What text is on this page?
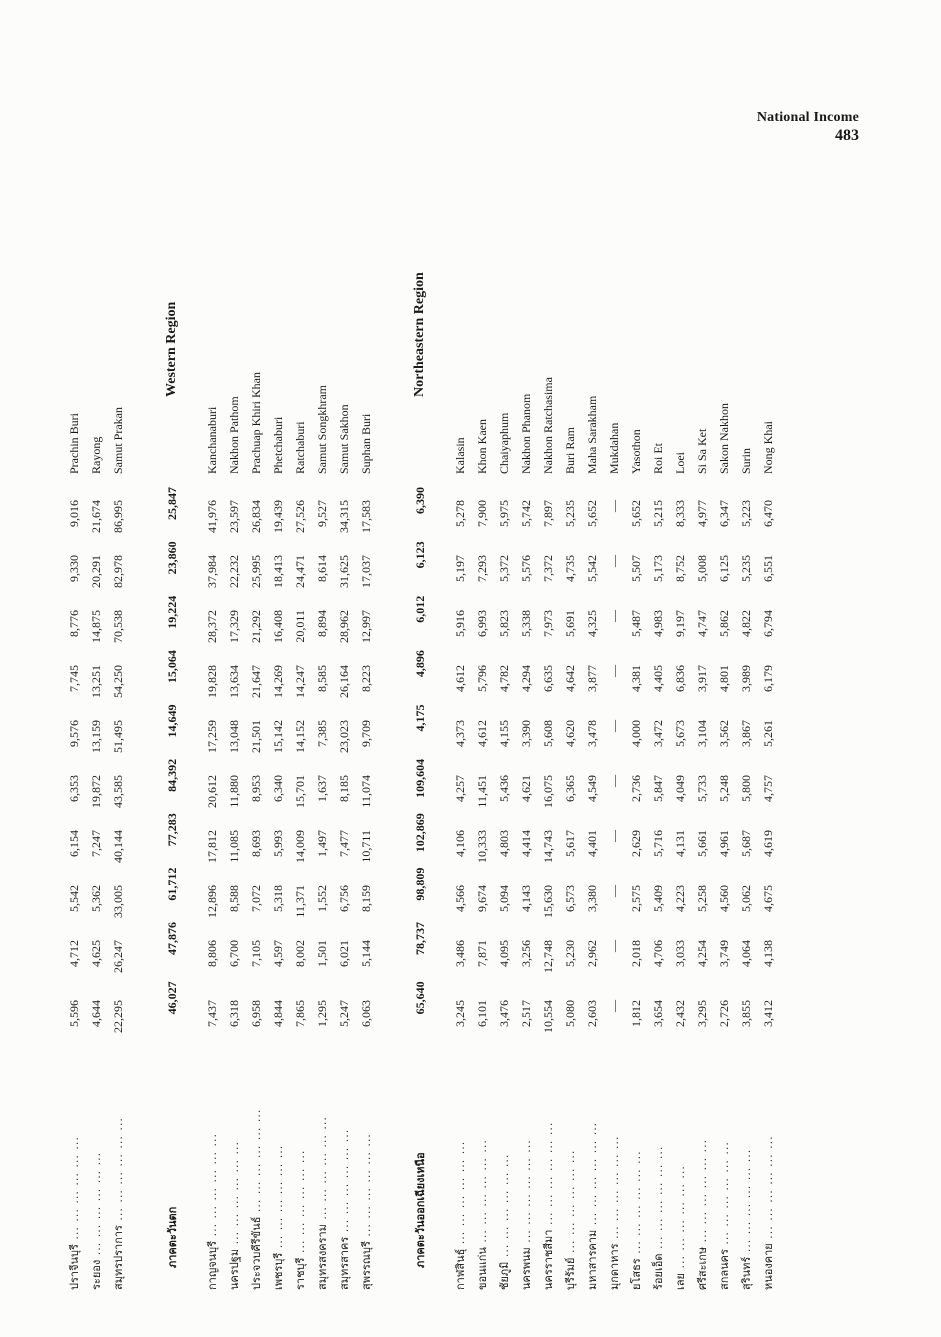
National Income
483
ปราจีนบุรี ... ... ... ... ... ...
5,596
4,712
5,542
6,154
6,353
9,576
7,745
8,776
9,330
9,016
Prachin Buri
ระยอง ... ... ... ... ... ...
4,644
4,625
5,362
7,247
19,872
13,159
13,251
14,875
20,291
21,674
Rayong
สมุทรปราการ ... ... ... ... ... ...
22,295
26,247
33,005
40,144
43,585
51,495
54,250
70,538
82,978
86,995
Samut Prakan
ภาคตะวันตก
46,027
47,876
61,712
77,283
84,392
14,649
15,064
19,224
23,860
25,847
Western Region
กาญจนบุรี ... ... ... ... ... ...
7,437
8,806
12,896
17,812
20,612
17,259
19,828
28,372
37,984
41,976
Kanchanaburi
นครปฐม ... ... ... ... ... ...
6,318
6,700
8,588
11,085
11,880
13,048
13,634
17,329
22,232
23,597
Nakhon Pathom
ประจวบคีรีขันธ์ ... ... ... ... ... ...
6,958
7,105
7,072
8,693
8,953
21,501
21,647
21,292
25,995
26,834
Prachuap Khiri Khan
เพชรบุรี ... ... ... ... ... ...
4,844
4,597
5,318
5,993
6,340
15,142
14,269
16,408
18,413
19,439
Phetchaburi
ราชบุรี ... ... ... ... ... ...
7,865
8,002
11,371
14,009
15,701
14,152
14,247
20,011
24,471
27,526
Ratchaburi
สมุทรสงคราม ... ... ... ... ... ...
1,295
1,501
1,552
1,497
1,637
7,385
8,585
8,894
8,614
9,527
Samut Songkhram
สมุทรสาคร ... ... ... ... ... ...
5,247
6,021
6,756
7,477
8,185
23,023
26,164
28,962
31,625
34,315
Samut Sakhon
สุพรรณบุรี ... ... ... ... ... ...
6,063
5,144
8,159
10,711
11,074
9,709
8,223
12,997
17,037
17,583
Suphan Buri
ภาคตะวันออกเฉียงเหนือ
65,640
78,737
98,809
102,869
109,604
4,175
4,896
6,012
6,123
6,390
Northeastern Region
กาฬสินธุ์ ... ... ... ... ... ...
3,245
3,486
4,566
4,106
4,257
4,373
4,612
5,916
5,197
5,278
Kalasin
ขอนแก่น ... ... ... ... ... ...
6,101
7,871
9,674
10,333
11,451
4,612
5,796
6,993
7,293
7,900
Khon Kaen
ชัยภูมิ ... ... ... ... ... ...
3,476
4,095
5,094
4,803
5,436
4,155
4,782
5,823
5,372
5,975
Chaiyaphum
นครพนม ... ... ... ... ... ...
2,517
3,256
4,143
4,414
4,621
3,390
4,294
5,338
5,576
5,742
Nakhon Phanom
นครราชสีมา ... ... ... ... ... ...
10,554
12,748
15,630
14,743
16,075
5,608
6,635
7,973
7,372
7,897
Nakhon Ratchasima
บุรีรัมย์ ... ... ... ... ... ...
5,080
5,230
6,573
5,617
6,365
4,620
4,642
5,691
4,735
5,235
Buri Ram
มหาสารคาม ... ... ... ... ... ...
2,603
2,962
3,380
4,401
4,549
3,478
3,877
4,325
5,542
5,652
Maha Sarakham
มุกดาหาร ... ... ... ... ... ...
—
—
—
—
—
—
—
—
—
—
Mukdahan
ยโสธร ... ... ... ... ... ...
1,812
2,018
2,575
2,629
2,736
4,000
4,381
5,487
5,507
5,652
Yasothon
ร้อยเอ็ด ... ... ... ... ... ...
3,654
4,706
5,409
5,716
5,847
3,472
4,405
4,983
5,173
5,215
Roi Et
เลย ... ... ... ... ... ...
2,432
3,033
4,223
4,131
4,049
5,673
6,836
9,197
8,752
8,333
Loei
ศรีสะเกษ ... ... ... ... ... ...
3,295
4,254
5,258
5,661
5,733
3,104
3,917
4,747
5,008
4,977
Si Sa Ket
สกลนคร ... ... ... ... ... ...
2,726
3,749
4,560
4,961
5,248
3,562
4,801
5,862
6,125
6,347
Sakon Nakhon
สุรินทร์ ... ... ... ... ... ...
3,855
4,064
5,062
5,687
5,800
3,867
3,989
4,822
5,235
5,223
Surin
หนองคาย ... ... ... ... ... ...
3,412
4,138
4,675
4,619
4,757
5,261
6,179
6,794
6,551
6,470
Nong Khai
